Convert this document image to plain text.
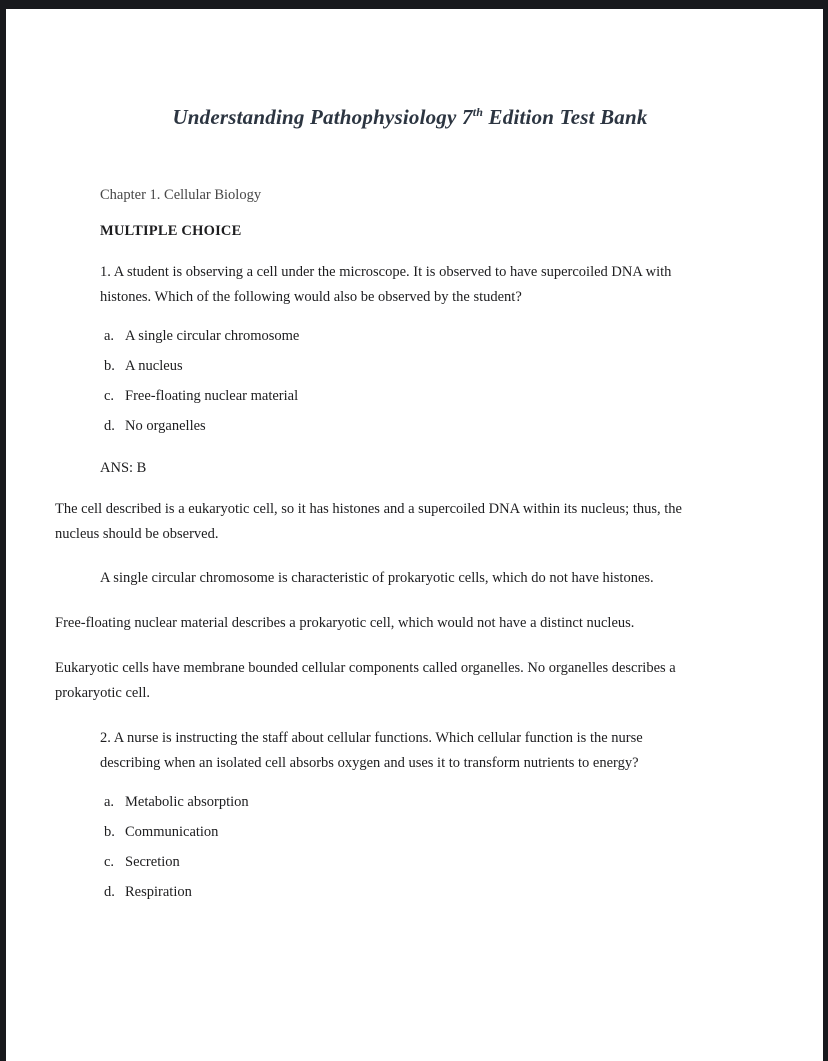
Understanding Pathophysiology 7th Edition Test Bank

Chapter 1. Cellular Biology

MULTIPLE CHOICE

1. A student is observing a cell under the microscope. It is observed to have supercoiled DNA with histones. Which of the following would also be observed by the student?

a. A single circular chromosome
b. A nucleus
c. Free-floating nuclear material
d. No organelles

ANS: B

The cell described is a eukaryotic cell, so it has histones and a supercoiled DNA within its nucleus; thus, the nucleus should be observed.

A single circular chromosome is characteristic of prokaryotic cells, which do not have histones.

Free-floating nuclear material describes a prokaryotic cell, which would not have a distinct nucleus.

Eukaryotic cells have membrane bounded cellular components called organelles. No organelles describes a prokaryotic cell.

2. A nurse is instructing the staff about cellular functions. Which cellular function is the nurse describing when an isolated cell absorbs oxygen and uses it to transform nutrients to energy?

a. Metabolic absorption
b. Communication
c. Secretion
d. Respiration
